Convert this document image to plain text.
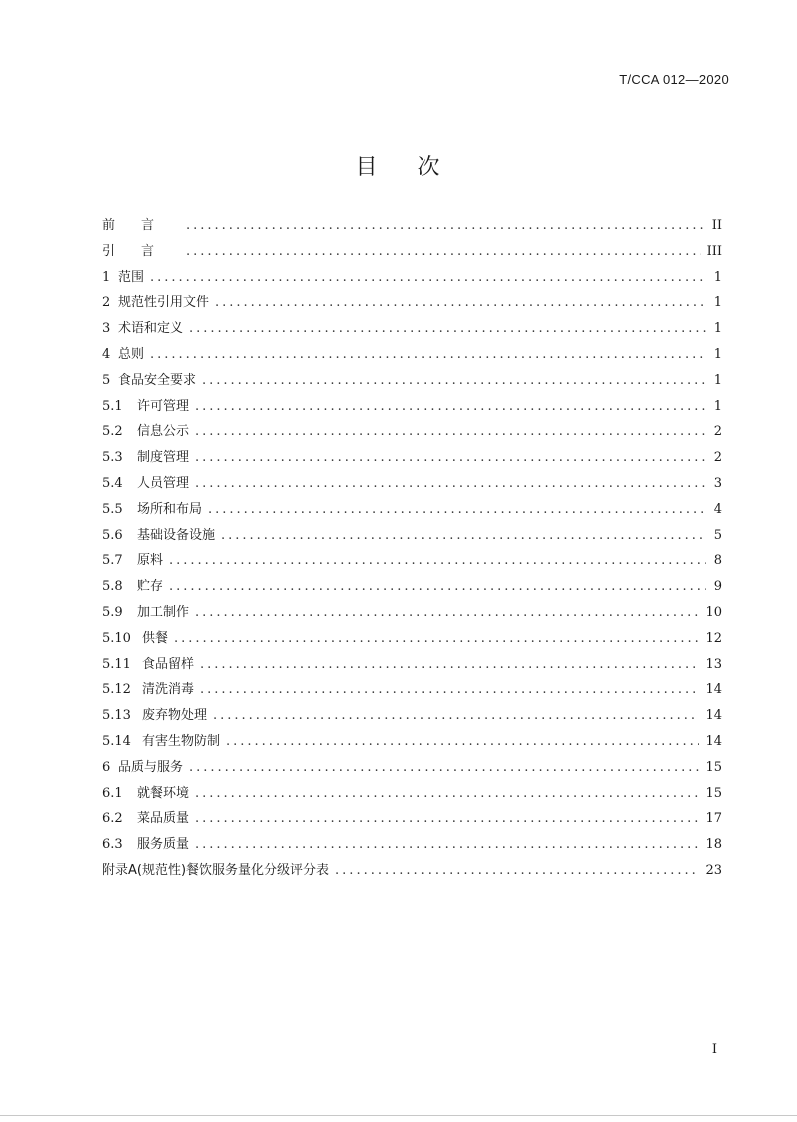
T/CCA 012—2020
目 次
前言 .....	II
引言 .....	III
1 范围 .....	1
2 规范性引用文件 .....	1
3 术语和定义 .....	1
4 总则 .....	1
5 食品安全要求 .....	1
5.1	许可管理 .....	1
5.2	信息公示 .....	2
5.3	制度管理 .....	2
5.4	人员管理 .....	3
5.5	场所和布局 .....	4
5.6	基础设备设施 .....	5
5.7	原料 .....	8
5.8	贮存 .....	9
5.9	加工制作 .....	10
5.10 供餐 .....	12
5.11 食品留样 .....	13
5.12 清洗消毒 .....	14
5.13 废弃物处理 .....	14
5.14 有害生物防制 .....	14
6 品质与服务 .....	15
6.1	就餐环境 .....	15
6.2	菜品质量 .....	17
6.3	服务质量 .....	18
附录A(规范性)餐饮服务量化分级评分表 .....	23
I
